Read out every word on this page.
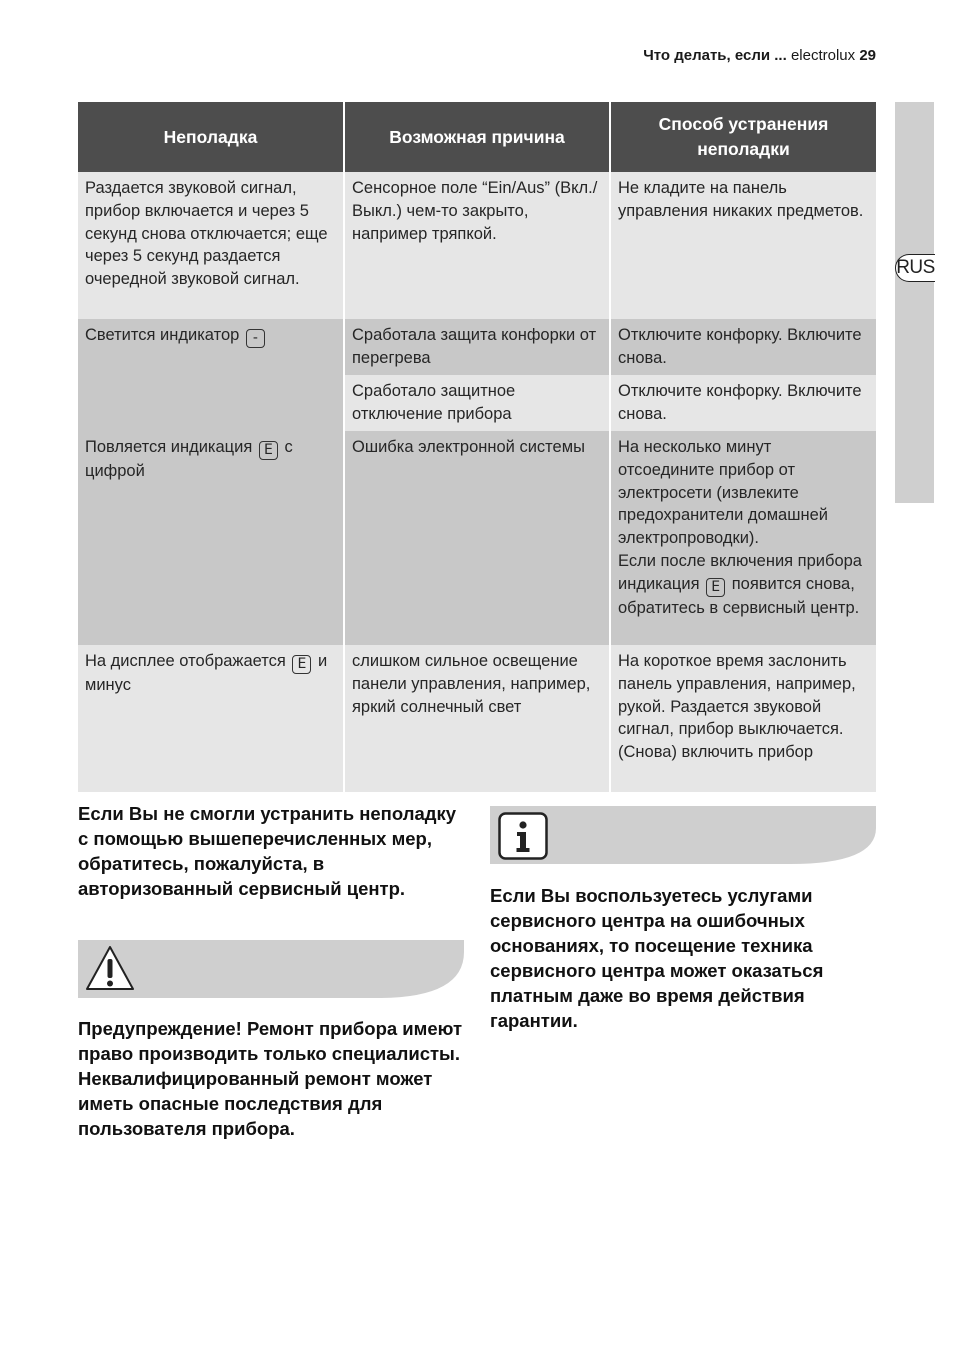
Что делать, если ... electrolux 29
RUS
Неполадка	Возможная причина	Способ устранения неполадки
Раздается звуковой сигнал, прибор включается и через 5 секунд снова отключается; еще через 5 секунд раздается очередной звуковой сигнал.	Сенсорное поле “Ein/Aus” (Вкл./Выкл.) чем-то закрыто, например тряпкой.	Не кладите на панель управления никаких предметов.
Светится индикатор -	Сработала защита конфорки от перегрева	Отключите конфорку. Включите снова.
	Сработало защитное отключение прибора	Отключите конфорку. Включите снова.
Повляется индикация E с цифрой	Ошибка электронной системы	На несколько минут отсоедините прибор от электросети (извлеките предохранители домашней электропроводки).
Если после включения прибора индикация E появится снова, обратитесь в сервисный центр.
На дисплее отображается E и минус	слишком сильное освещение панели управления, например, яркий солнечный свет	На короткое время заслонить панель управления, например, рукой. Раздается звуковой сигнал, прибор выключается. (Снова) включить прибор
Если Вы не смогли устранить неполадку с помощью вышеперечисленных мер, обратитесь, пожалуйста, в авторизованный сервисный центр.
Предупреждение! Ремонт прибора имеют право производить только специалисты. Неквалифицированный ремонт может иметь опасные последствия для пользователя прибора.
Если Вы воспользуетесь услугами сервисного центра на ошибочных основаниях, то посещение техника сервисного центра может оказаться платным даже во время действия гарантии.
